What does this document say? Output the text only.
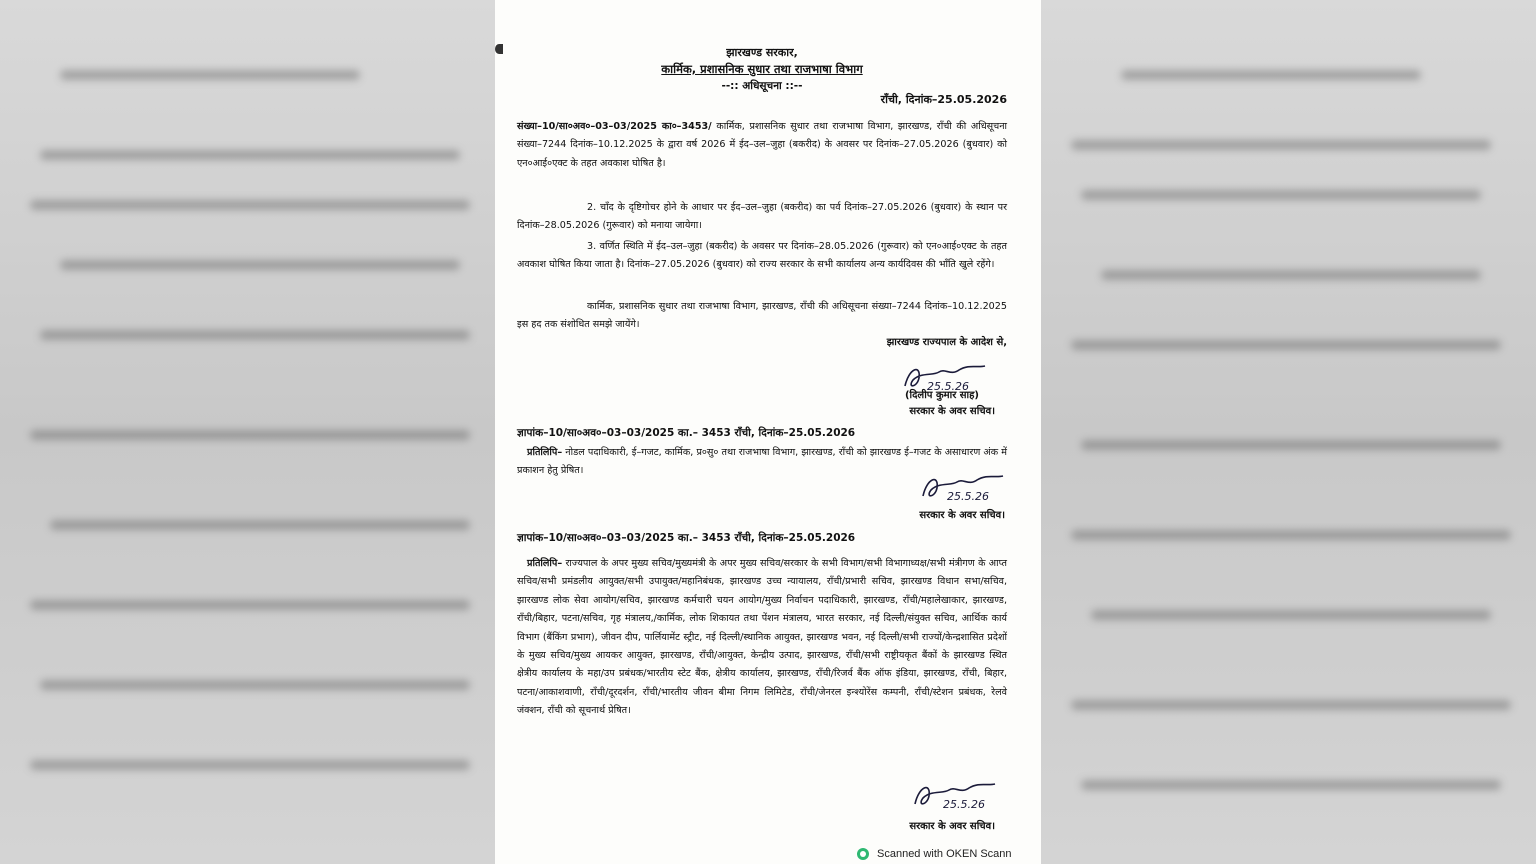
झारखण्ड सरकार,
कार्मिक, प्रशासनिक सुधार तथा राजभाषा विभाग
--:: अधिसूचना ::--
राँची, दिनांक–25.05.2026
संख्या–10/सा०अव०–03–03/2025 का०–3453/ कार्मिक, प्रशासनिक सुधार तथा राजभाषा विभाग, झारखण्ड, राँची की अधिसूचना संख्या–7244 दिनांक–10.12.2025 के द्वारा वर्ष 2026 में ईद–उल–जुहा (बकरीद) के अवसर पर दिनांक–27.05.2026 (बुधवार) को एन०आई०एक्ट के तहत अवकाश घोषित है।
2. चाँद के दृष्टिगोचर होने के आधार पर ईद–उल–जुहा (बकरीद) का पर्व दिनांक–27.05.2026 (बुधवार) के स्थान पर दिनांक–28.05.2026 (गुरूवार) को मनाया जायेगा।
3. वर्णित स्थिति में ईद–उल–जुहा (बकरीद) के अवसर पर दिनांक–28.05.2026 (गुरूवार) को एन०आई०एक्ट के तहत अवकाश घोषित किया जाता है। दिनांक–27.05.2026 (बुधवार) को राज्य सरकार के सभी कार्यालय अन्य कार्यदिवस की भाँति खुले रहेंगे।
कार्मिक, प्रशासनिक सुधार तथा राजभाषा विभाग, झारखण्ड, राँची की अधिसूचना संख्या–7244 दिनांक–10.12.2025 इस हद तक संशोधित समझे जायेंगे।
झारखण्ड राज्यपाल के आदेश से,
25.5.26
(दिलीप कुमार साह)
सरकार के अवर सचिव।
ज्ञापांक–10/सा०अव०–03–03/2025 का.– 3453 राँची, दिनांक–25.05.2026
प्रतिलिपि– नोडल पदाधिकारी, ई–गजट, कार्मिक, प्र०सु० तथा राजभाषा विभाग, झारखण्ड, राँची को झारखण्ड ई–गजट के असाधारण अंक में प्रकाशन हेतु प्रेषित।
25.5.26
सरकार के अवर सचिव।
ज्ञापांक–10/सा०अव०–03–03/2025 का.– 3453 राँची, दिनांक–25.05.2026
प्रतिलिपि– राज्यपाल के अपर मुख्य सचिव/मुख्यमंत्री के अपर मुख्य सचिव/सरकार के सभी विभाग/सभी विभागाध्यक्ष/सभी मंत्रीगण के आप्त सचिव/सभी प्रमंडलीय आयुक्त/सभी उपायुक्त/महानिबंधक, झारखण्ड उच्च न्यायालय, राँची/प्रभारी सचिव, झारखण्ड विधान सभा/सचिव, झारखण्ड लोक सेवा आयोग/सचिव, झारखण्ड कर्मचारी चयन आयोग/मुख्य निर्वाचन पदाधिकारी, झारखण्ड, राँची/महालेखाकार, झारखण्ड, राँची/बिहार, पटना/सचिव, गृह मंत्रालय,/कार्मिक, लोक शिकायत तथा पेंशन मंत्रालय, भारत सरकार, नई दिल्ली/संयुक्त सचिव, आर्थिक कार्य विभाग (बैंकिंग प्रभाग), जीवन दीप, पार्लियामेंट स्ट्रीट, नई दिल्ली/स्थानिक आयुक्त, झारखण्ड भवन, नई दिल्ली/सभी राज्यों/केन्द्रशासित प्रदेशों के मुख्य सचिव/मुख्य आयकर आयुक्त, झारखण्ड, राँची/आयुक्त, केन्द्रीय उत्पाद, झारखण्ड, राँची/सभी राष्ट्रीयकृत बैंकों के झारखण्ड स्थित क्षेत्रीय कार्यालय के महा/उप प्रबंधक/भारतीय स्टेट बैंक, क्षेत्रीय कार्यालय, झारखण्ड, राँची/रिजर्व बैंक ऑफ इंडिया, झारखण्ड, राँची, बिहार, पटना/आकाशवाणी, राँची/दूरदर्शन, राँची/भारतीय जीवन बीमा निगम लिमिटेड, राँची/जेनरल इन्श्योरेंस कम्पनी, राँची/स्टेशन प्रबंधक, रेलवे जंक्शन, राँची को सूचनार्थ प्रेषित।
25.5.26
सरकार के अवर सचिव।
Scanned with OKEN Scann
